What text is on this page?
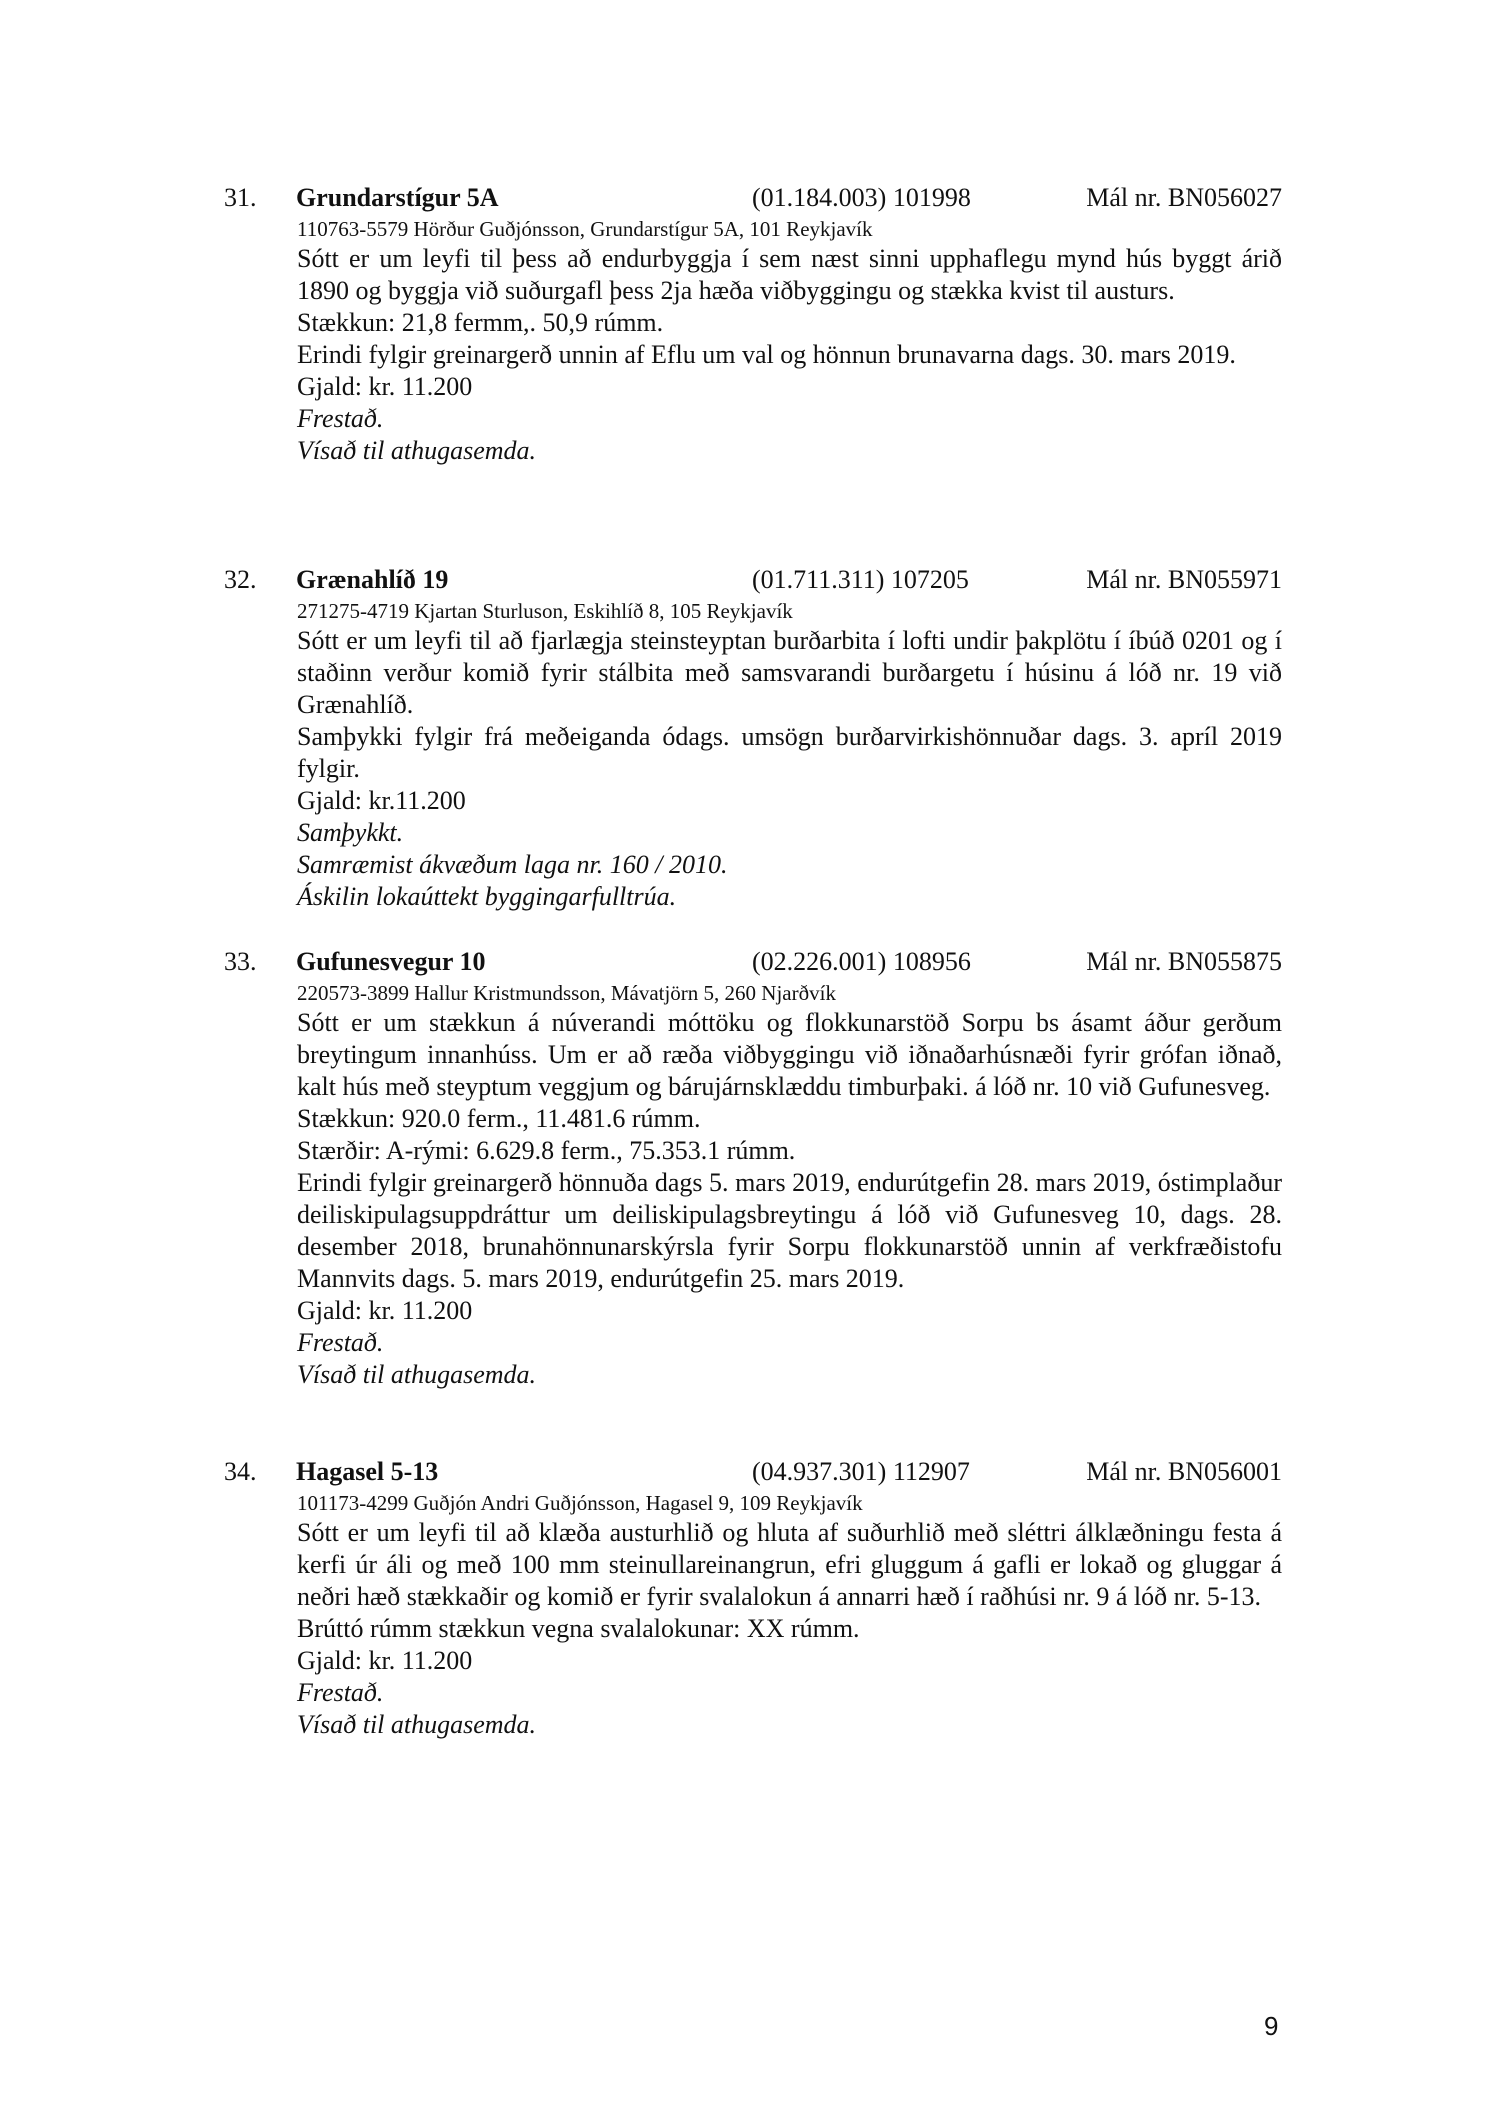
31. Grundarstígur 5A	(01.184.003) 101998	Mál nr. BN056027
110763-5579 Hörður Guðjónsson, Grundarstígur 5A, 101 Reykjavík

Sótt er um leyfi til þess að endurbyggja í sem næst sinni upphaflegu mynd hús byggt árið 1890 og byggja við suðurgafl þess 2ja hæða viðbyggingu og stækka kvist til austurs.

Stækkun: 21,8 fermm,. 50,9 rúmm.

Erindi fylgir greinargerð unnin af Eflu um val og hönnun brunavarna dags. 30. mars 2019.

Gjald: kr. 11.200

Frestað.

Vísað til athugasemda.

32. Grænahlíð 19	(01.711.311) 107205	Mál nr. BN055971
271275-4719 Kjartan Sturluson, Eskihlíð 8, 105 Reykjavík

Sótt er um leyfi til að fjarlægja steinsteyptan burðarbita í lofti undir þakplötu í íbúð 0201 og í staðinn verður komið fyrir stálbita með samsvarandi burðargetu í húsinu á lóð nr. 19 við Grænahlíð.

Samþykki fylgir frá meðeiganda ódags. umsögn burðarvirkishönnuðar dags. 3. apríl 2019 fylgir.

Gjald: kr.11.200

Samþykkt.

Samræmist ákvæðum laga nr. 160 / 2010.

Áskilin lokaúttekt byggingarfulltrúa.

33. Gufunesvegur 10	(02.226.001) 108956	Mál nr. BN055875
220573-3899 Hallur Kristmundsson, Mávatjörn 5, 260 Njarðvík

Sótt er um stækkun á núverandi móttöku og flokkunarstöð Sorpu bs ásamt áður gerðum breytingum innanhúss. Um er að ræða viðbyggingu við iðnaðarhúsnæði fyrir grófan iðnað, kalt hús með steyptum veggjum og bárujárnsklæddu timburþaki. á lóð nr. 10 við Gufunesveg.

Stækkun: 920.0 ferm., 11.481.6 rúmm.

Stærðir: A-rými: 6.629.8 ferm., 75.353.1 rúmm.

Erindi fylgir greinargerð hönnuða dags 5. mars 2019, endurútgefin 28. mars 2019, óstimplaður deiliskipulagsuppdráttur um deiliskipulagsbreytingu á lóð við Gufunesveg 10, dags. 28. desember 2018, brunahönnunarskýrsla fyrir Sorpu flokkunarstöð unnin af verkfræðistofu Mannvits dags. 5. mars 2019, endurútgefin 25. mars 2019.

Gjald: kr. 11.200

Frestað.

Vísað til athugasemda.

34. Hagasel 5-13	(04.937.301) 112907	Mál nr. BN056001
101173-4299 Guðjón Andri Guðjónsson, Hagasel 9, 109 Reykjavík

Sótt er um leyfi til að klæða austurhlið og hluta af suðurhlið með sléttri álklæðningu festa á kerfi úr áli og með 100 mm steinullareinangrun, efri gluggum á gafli er lokað og gluggar á neðri hæð stækkaðir og komið er fyrir svalalokun á annarri hæð í raðhúsi nr. 9 á lóð nr. 5-13.

Brúttó rúmm stækkun vegna svalalokunar: XX rúmm.

Gjald: kr. 11.200

Frestað.

Vísað til athugasemda.

9
